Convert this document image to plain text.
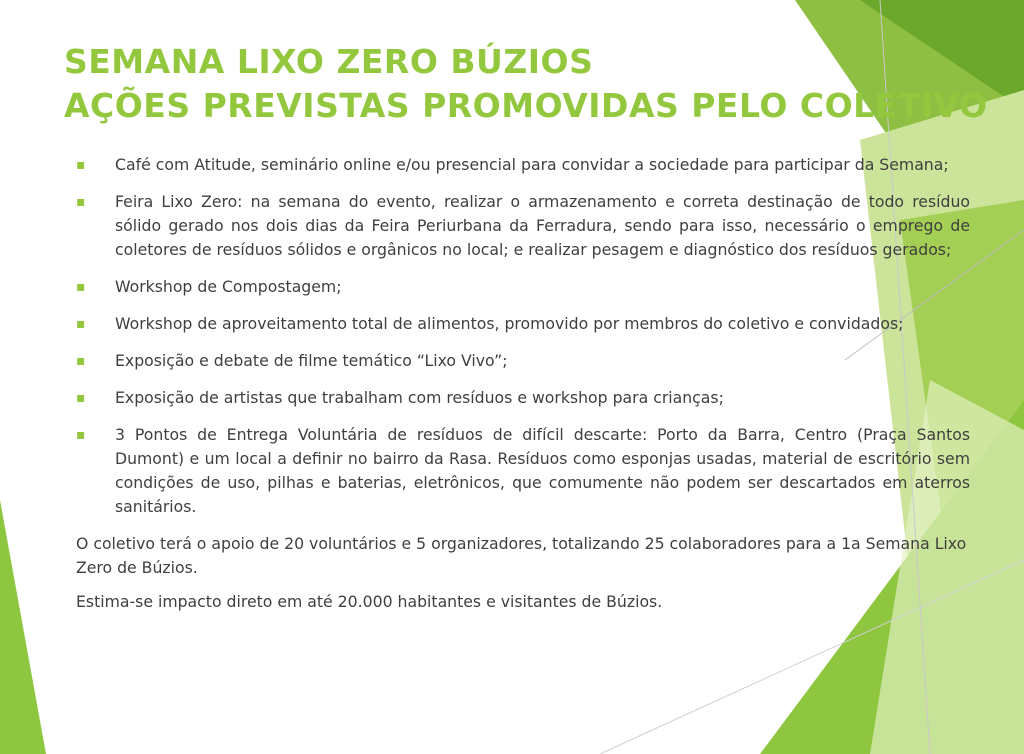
SEMANA LIXO ZERO BÚZIOS
AÇÕES PREVISTAS PROMOVIDAS PELO COLETIVO
▪ Café com Atitude, seminário online e/ou presencial para convidar a sociedade para participar da Semana;
▪ Feira Lixo Zero: na semana do evento, realizar o armazenamento e correta destinação de todo resíduo sólido gerado nos dois dias da Feira Periurbana da Ferradura, sendo para isso, necessário o emprego de coletores de resíduos sólidos e orgânicos no local; e realizar pesagem e diagnóstico dos resíduos gerados;
▪ Workshop de Compostagem;
▪ Workshop de aproveitamento total de alimentos, promovido por membros do coletivo e convidados;
▪ Exposição e debate de filme temático “Lixo Vivo”;
▪ Exposição de artistas que trabalham com resíduos e workshop para crianças;
▪ 3 Pontos de Entrega Voluntária de resíduos de difícil descarte: Porto da Barra, Centro (Praça Santos Dumont) e um local a definir no bairro da Rasa. Resíduos como esponjas usadas, material de escritório sem condições de uso, pilhas e baterias, eletrônicos, que comumente não podem ser descartados em aterros sanitários.

O coletivo terá o apoio de 20 voluntários e 5 organizadores, totalizando 25 colaboradores para a 1a Semana Lixo Zero de Búzios.

Estima-se impacto direto em até 20.000 habitantes e visitantes de Búzios.
